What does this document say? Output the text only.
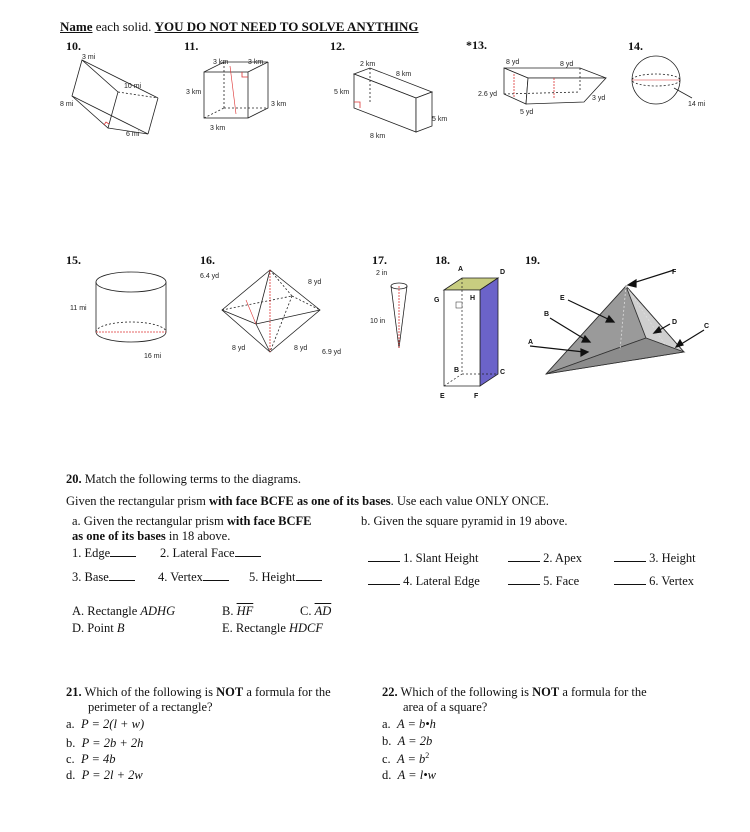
Name each solid. YOU DO NOT NEED TO SOLVE ANYTHING
10.	11.	12.	*13.	14.
3 mi
10 mi
8 mi
6 mi
3 km	3 km
3 km
3 km
3 km
2 km
8 km
5 km
5 km
8 km
8 yd	8 yd
2.6 yd
3 yd
5 yd
14 mi
15.	16.	17.	18.	19.
11 mi
16 mi
6.4 yd
8 yd
8 yd	8 yd
6.9 yd
2 in
10 in
A	D
G	H
B	C
E	F
F
E
B
D
C
A
20. Match the following terms to the diagrams.
Given the rectangular prism with face BCFE as one of its bases. Use each value ONLY ONCE.
a. Given the rectangular prism with face BCFE
as one of its bases in 18 above.
b. Given the square pyramid in 19 above.
1. Edge	2. Lateral Face
3. Base	4. Vertex	5. Height
1. Slant Height	2. Apex	3. Height
4. Lateral Edge	5. Face	6. Vertex
A. Rectangle ADHG	B. $\overline{HF}$	C. $\overline{AD}$
D. Point B	E. Rectangle HDCF
21. Which of the following is NOT a formula for the
perimeter of a rectangle?
a. P = 2(l + w)
b. P = 2b + 2h
c. P = 4b
d. P = 2l + 2w
22. Which of the following is NOT a formula for the
area of a square?
a. A = b•h
b. A = 2b
c. $A = b^2$
d. A = l•w
